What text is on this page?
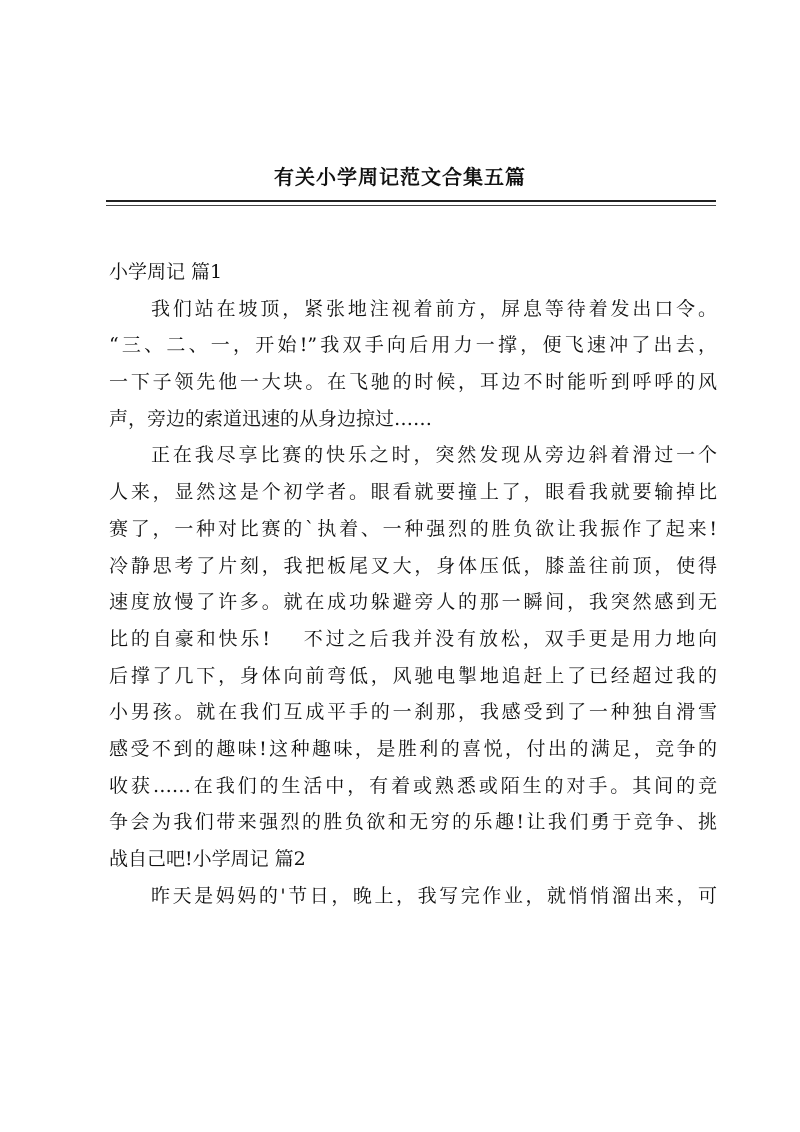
有关小学周记范文合集五篇
小学周记 篇1
我们站在坡顶，紧张地注视着前方，屏息等待着发出口令。
“三、二、一，开始!”我双手向后用力一撑，便飞速冲了出去，
一下子领先他一大块。在飞驰的时候，耳边不时能听到呼呼的风
声，旁边的索道迅速的从身边掠过……
正在我尽享比赛的快乐之时，突然发现从旁边斜着滑过一个
人来，显然这是个初学者。眼看就要撞上了，眼看我就要输掉比
赛了，一种对比赛的`执着、一种强烈的胜负欲让我振作了起来!
冷静思考了片刻，我把板尾叉大，身体压低，膝盖往前顶，使得
速度放慢了许多。就在成功躲避旁人的那一瞬间，我突然感到无
比的自豪和快乐!　 不过之后我并没有放松，双手更是用力地向
后撑了几下，身体向前弯低，风驰电掣地追赶上了已经超过我的
小男孩。就在我们互成平手的一刹那，我感受到了一种独自滑雪
感受不到的趣味!这种趣味，是胜利的喜悦，付出的满足，竞争的
收获……在我们的生活中，有着或熟悉或陌生的对手。其间的竞
争会为我们带来强烈的胜负欲和无穷的乐趣!让我们勇于竞争、挑
战自己吧!小学周记 篇2
昨天是妈妈的'节日，晚上，我写完作业，就悄悄溜出来，可
